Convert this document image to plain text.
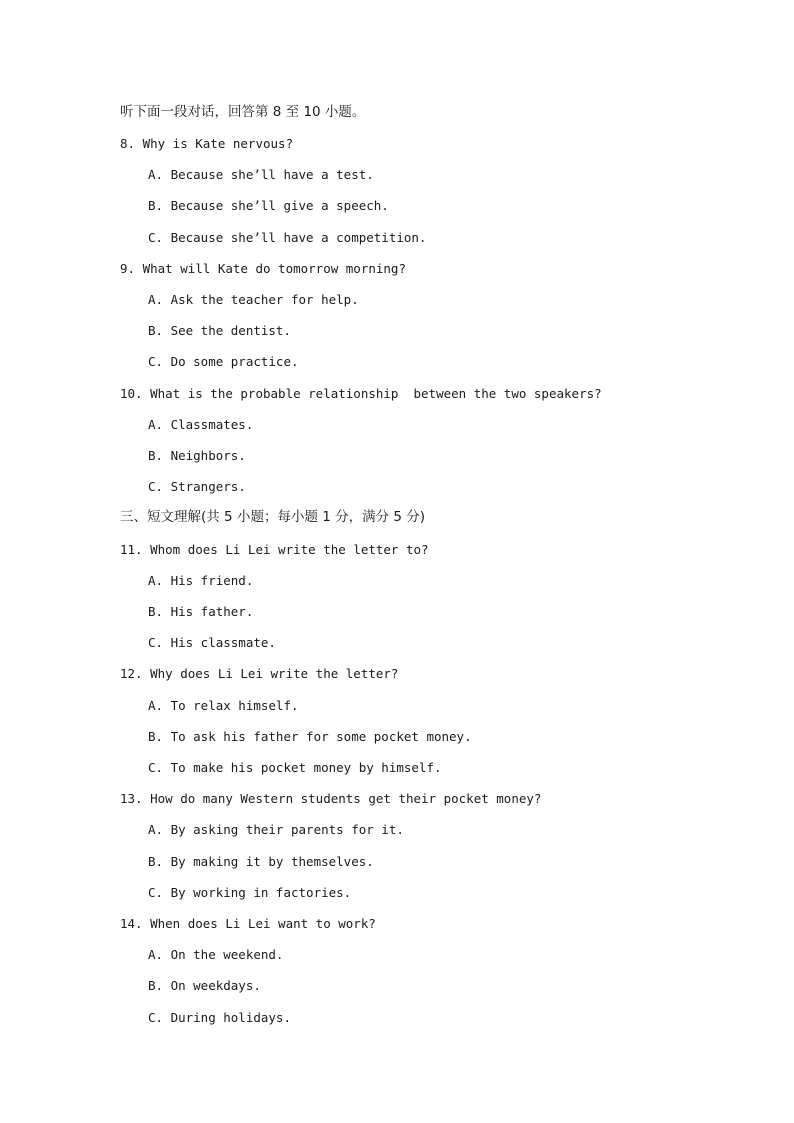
听下面一段对话，回答第 8 至 10 小题。
8. Why is Kate nervous?
A. Because she’ll have a test.
B. Because she’ll give a speech.
C. Because she’ll have a competition.
9. What will Kate do tomorrow morning?
A. Ask the teacher for help.
B. See the dentist.
C. Do some practice.
10. What is the probable relationship  between the two speakers?
A. Classmates.
B. Neighbors.
C. Strangers.
三、短文理解(共 5 小题；每小题 1 分，满分 5 分)
11. Whom does Li Lei write the letter to?
A. His friend.
B. His father.
C. His classmate.
12. Why does Li Lei write the letter?
A. To relax himself.
B. To ask his father for some pocket money.
C. To make his pocket money by himself.
13. How do many Western students get their pocket money?
A. By asking their parents for it.
B. By making it by themselves.
C. By working in factories.
14. When does Li Lei want to work?
A. On the weekend.
B. On weekdays.
C. During holidays.
